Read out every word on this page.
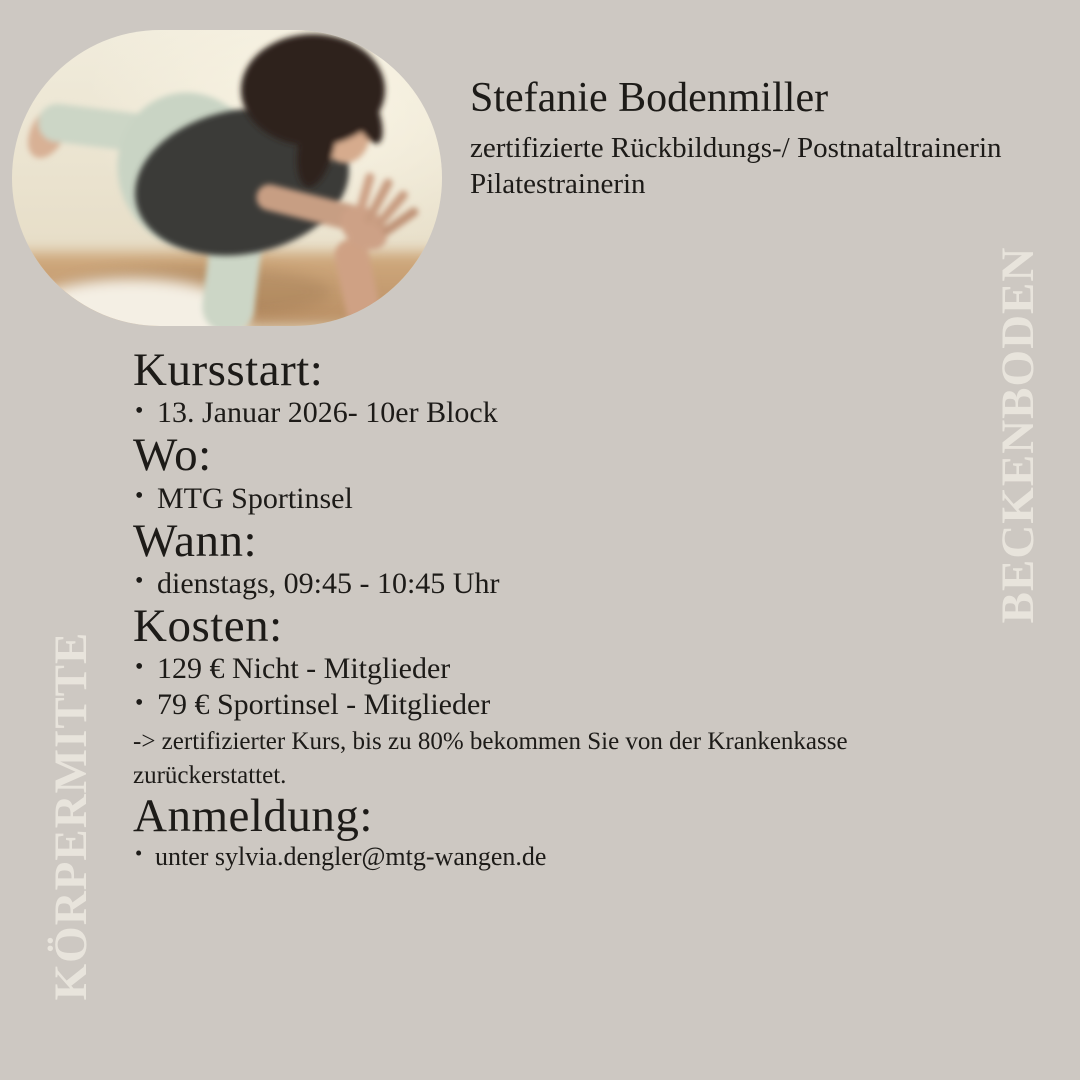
Stefanie Bodenmiller
zertifizierte Rückbildungs-/ Postnataltrainerin
Pilatestrainerin
Kursstart:
• 13. Januar 2026- 10er Block
Wo:
• MTG Sportinsel
Wann:
• dienstags, 09:45 - 10:45 Uhr
Kosten:
• 129 € Nicht - Mitglieder
• 79 € Sportinsel - Mitglieder

-> zertifizierter Kurs, bis zu 80% bekommen Sie von der Krankenkasse zurückerstattet.

Anmeldung:
• unter sylvia.dengler@mtg-wangen.de
BECKENBODEN
KÖRPERMITTE
